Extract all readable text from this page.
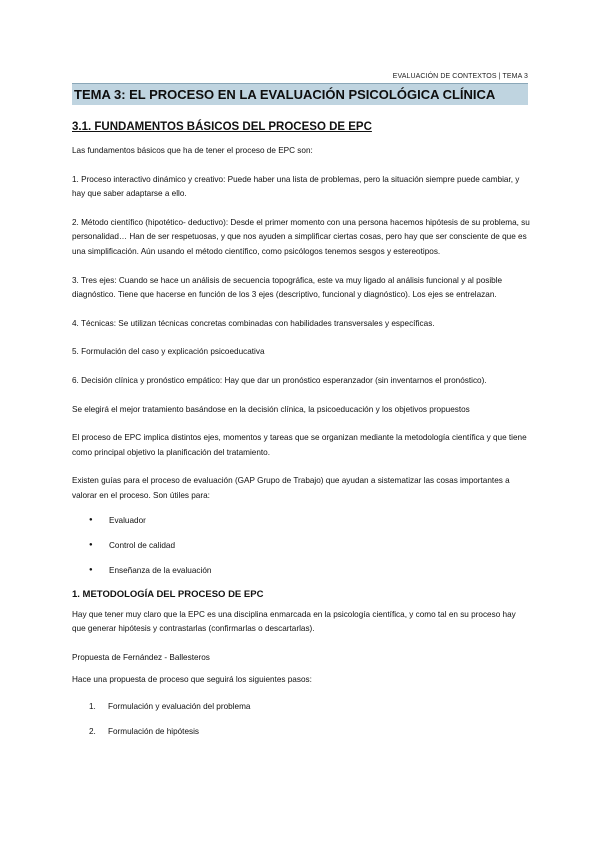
EVALUACIÓN DE CONTEXTOS | TEMA 3
TEMA 3: EL PROCESO EN LA EVALUACIÓN PSICOLÓGICA CLÍNICA
3.1. FUNDAMENTOS BÁSICOS DEL PROCESO DE EPC

Las fundamentos básicos que ha de tener el proceso de EPC son:

1. Proceso interactivo dinámico y creativo: Puede haber una lista de problemas, pero la situación siempre puede cambiar, y hay que saber adaptarse a ello.

2. Método científico (hipotético- deductivo): Desde el primer momento con una persona hacemos hipótesis de su problema, su personalidad… Han de ser respetuosas, y que nos ayuden a simplificar ciertas cosas, pero hay que ser consciente de que es una simplificación. Aún usando el método científico, como psicólogos tenemos sesgos y estereotipos.

3. Tres ejes: Cuando se hace un análisis de secuencia topográfica, este va muy ligado al análisis funcional y al posible diagnóstico. Tiene que hacerse en función de los 3 ejes (descriptivo, funcional y diagnóstico). Los ejes se entrelazan.

4. Técnicas: Se utilizan técnicas concretas combinadas con habilidades transversales y específicas.

5. Formulación del caso y explicación psicoeducativa

6. Decisión clínica y pronóstico empático: Hay que dar un pronóstico esperanzador (sin inventarnos el pronóstico).

Se elegirá el mejor tratamiento basándose en la decisión clínica, la psicoeducación y los objetivos propuestos

El proceso de EPC implica distintos ejes, momentos y tareas que se organizan mediante la metodología científica y que tiene como principal objetivo la planificación del tratamiento.

Existen guías para el proceso de evaluación (GAP Grupo de Trabajo) que ayudan a sistematizar las cosas importantes a valorar en el proceso. Son útiles para:

● Evaluador
● Control de calidad
● Enseñanza de la evaluación
1. METODOLOGÍA DEL PROCESO DE EPC

Hay que tener muy claro que la EPC es una disciplina enmarcada en la psicología científica, y como tal en su proceso hay que generar hipótesis y contrastarlas (confirmarlas o descartarlas).

Propuesta de Fernández - Ballesteros

Hace una propuesta de proceso que seguirá los siguientes pasos:

1. Formulación y evaluación del problema
2. Formulación de hipótesis
